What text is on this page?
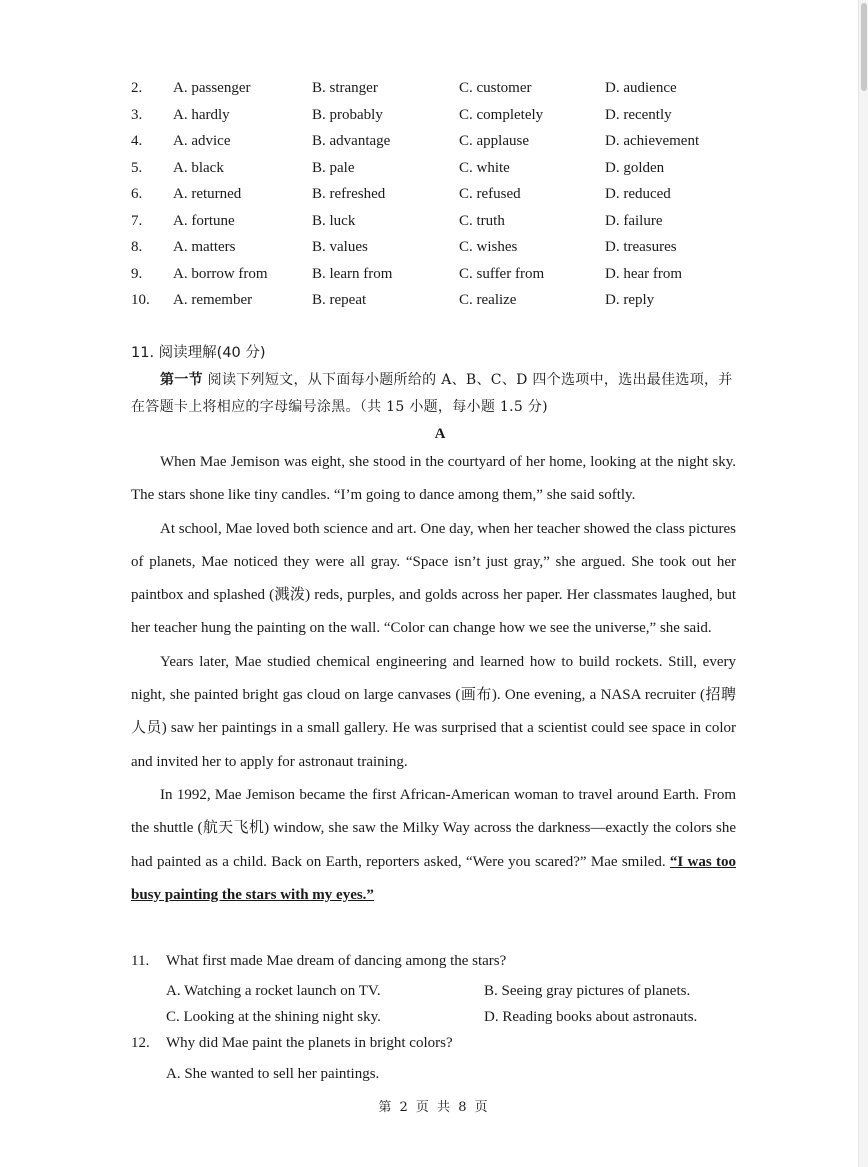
2. A. passenger	B. stranger	C. customer	D. audience
3. A. hardly	B. probably	C. completely	D. recently
4. A. advice	B. advantage	C. applause	D. achievement
5. A. black	B. pale	C. white	D. golden
6. A. returned	B. refreshed	C. refused	D. reduced
7. A. fortune	B. luck	C. truth	D. failure
8. A. matters	B. values	C. wishes	D. treasures
9. A. borrow from	B. learn from	C. suffer from	D. hear from
10. A. remember	B. repeat	C. realize	D. reply
11. 阅读理解(40 分)
第一节 阅读下列短文，从下面每小题所给的 A、B、C、D 四个选项中，选出最佳选项，并在答题卡上将相应的字母编号涂黑。（共 15 小题，每小题 1.5 分)
A

When Mae Jemison was eight, she stood in the courtyard of her home, looking at the night sky. The stars shone like tiny candles. “I’m going to dance among them,” she said softly.

At school, Mae loved both science and art. One day, when her teacher showed the class pictures of planets, Mae noticed they were all gray. “Space isn’t just gray,” she argued. She took out her paintbox and splashed (溅泼) reds, purples, and golds across her paper. Her classmates laughed, but her teacher hung the painting on the wall. “Color can change how we see the universe,” she said.

Years later, Mae studied chemical engineering and learned how to build rockets. Still, every night, she painted bright gas cloud on large canvases (画布). One evening, a NASA recruiter (招聘人员) saw her paintings in a small gallery. He was surprised that a scientist could see space in color and invited her to apply for astronaut training.

In 1992, Mae Jemison became the first African-American woman to travel around Earth. From the shuttle (航天飞机) window, she saw the Milky Way across the darkness—exactly the colors she had painted as a child. Back on Earth, reporters asked, “Were you scared?” Mae smiled. “I was too busy painting the stars with my eyes.”

11. What first made Mae dream of dancing among the stars?
A. Watching a rocket launch on TV.	B. Seeing gray pictures of planets.
C. Looking at the shining night sky.	D. Reading books about astronauts.
12. Why did Mae paint the planets in bright colors?
A. She wanted to sell her paintings.
第 2 页 共 8 页
